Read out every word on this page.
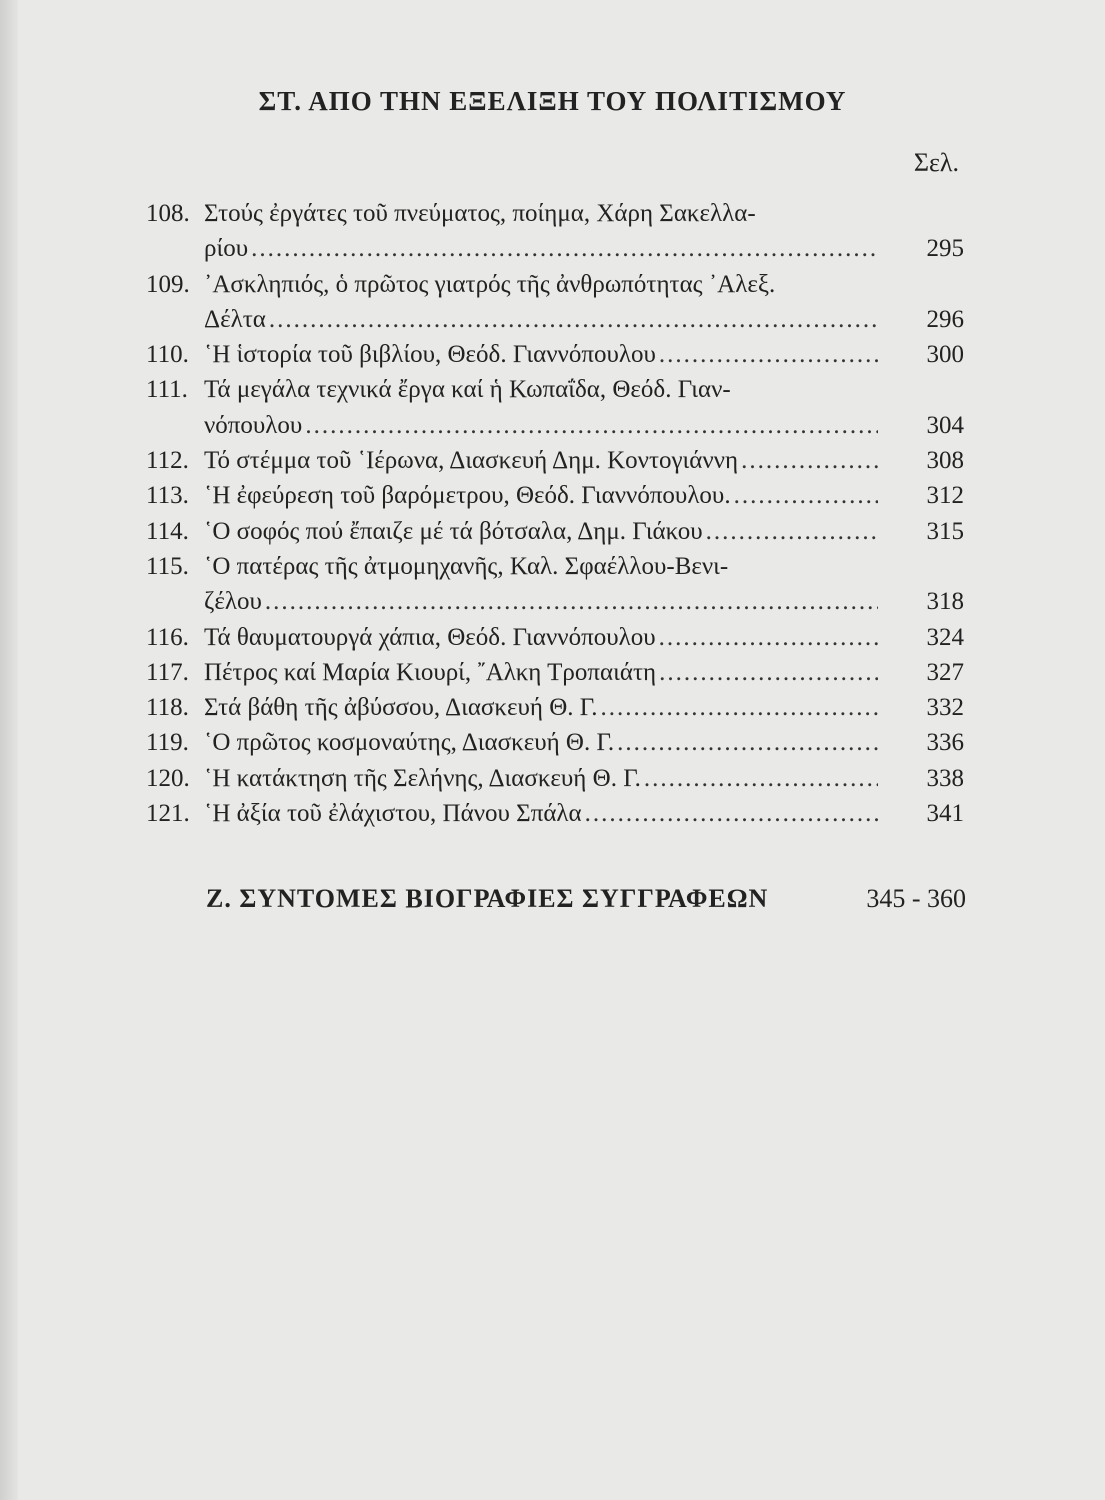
ΣΤ. ΑΠΟ ΤΗΝ ΕΞΕΛΙΞΗ ΤΟΥ ΠΟΛΙΤΙΣΜΟΥ
Σελ.
108. Στούς ἐργάτες τοῦ πνεύματος, ποίημα, Χάρη Σακελλα-
ρίου .....	295
109. ᾿Ασκληπιός, ὁ πρῶτος γιατρός τῆς ἀνθρωπότητας ᾿Αλεξ.
Δέλτα .....	296
110. ῾Η ἱστορία τοῦ βιβλίου, Θεόδ. Γιαννόπουλου .....	300
111. Τά μεγάλα τεχνικά ἔργα καί ἡ Κωπαΐδα, Θεόδ. Γιαν-
νόπουλου .....	304
112. Τό στέμμα τοῦ ῾Ιέρωνα, Διασκευή Δημ. Κοντογιάννη .....	308
113. ῾Η ἐφεύρεση τοῦ βαρόμετρου, Θεόδ. Γιαννόπουλου. .....	312
114. ῾Ο σοφός πού ἔπαιζε μέ τά βότσαλα, Δημ. Γιάκου .....	315
115. ῾Ο πατέρας τῆς ἀτμομηχανῆς, Καλ. Σφαέλλου-Βενι-
ζέλου .....	318
116. Τά θαυματουργά χάπια, Θεόδ. Γιαννόπουλου .....	324
117. Πέτρος καί Μαρία Κιουρί, ῎Αλκη Τροπαιάτη .....	327
118. Στά βάθη τῆς ἀβύσσου, Διασκευή Θ. Γ. .....	332
119. ῾Ο πρῶτος κοσμοναύτης, Διασκευή Θ. Γ. .....	336
120. ῾Η κατάκτηση τῆς Σελήνης, Διασκευή Θ. Γ. .....	338
121. ῾Η ἀξία τοῦ ἐλάχιστου, Πάνου Σπάλα .....	341
Ζ. ΣΥΝΤΟΜΕΣ ΒΙΟΓΡΑΦΙΕΣ ΣΥΓΓΡΑΦΕΩΝ	345 - 360
